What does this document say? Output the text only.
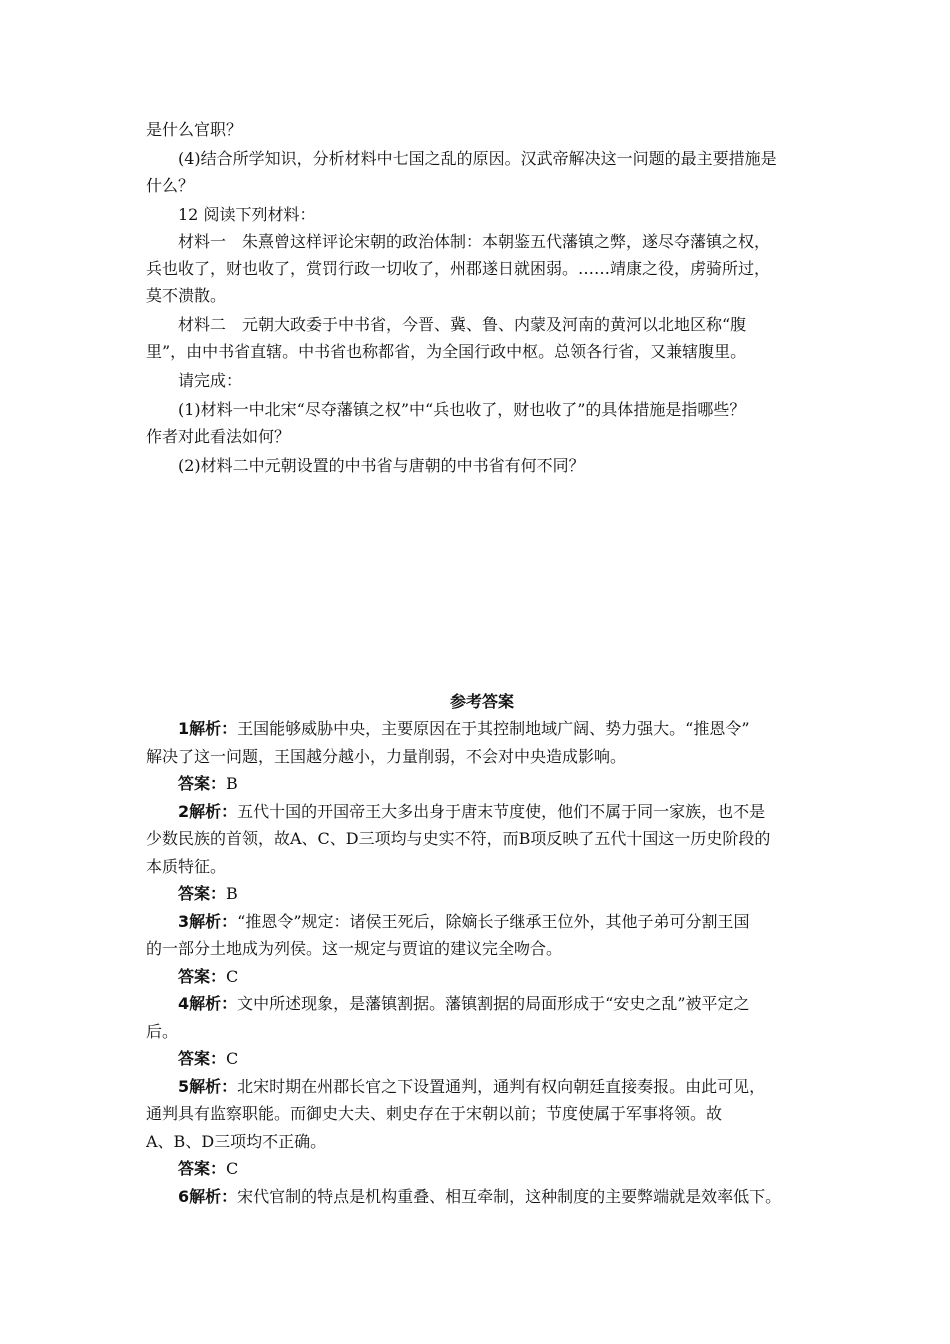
是什么官职？
(4)结合所学知识，分析材料中七国之乱的原因。汉武帝解决这一问题的最主要措施是
什么？
12 阅读下列材料：
材料一　朱熹曾这样评论宋朝的政治体制：本朝鉴五代藩镇之弊，遂尽夺藩镇之权，
兵也收了，财也收了，赏罚行政一切收了，州郡遂日就困弱。……靖康之役，虏骑所过，
莫不溃散。
材料二　元朝大政委于中书省，今晋、冀、鲁、内蒙及河南的黄河以北地区称“腹
里”，由中书省直辖。中书省也称都省，为全国行政中枢。总领各行省，又兼辖腹里。
请完成：
(1)材料一中北宋“尽夺藩镇之权”中“兵也收了，财也收了”的具体措施是指哪些？
作者对此看法如何？
(2)材料二中元朝设置的中书省与唐朝的中书省有何不同？
参考答案
1解析：王国能够威胁中央，主要原因在于其控制地域广阔、势力强大。“推恩令”
解决了这一问题，王国越分越小，力量削弱，不会对中央造成影响。
答案：B
2解析：五代十国的开国帝王大多出身于唐末节度使，他们不属于同一家族，也不是
少数民族的首领，故A、C、D三项均与史实不符，而B项反映了五代十国这一历史阶段的
本质特征。
答案：B
3解析：“推恩令”规定：诸侯王死后，除嫡长子继承王位外，其他子弟可分割王国
的一部分土地成为列侯。这一规定与贾谊的建议完全吻合。
答案：C
4解析：文中所述现象，是藩镇割据。藩镇割据的局面形成于“安史之乱”被平定之
后。
答案：C
5解析：北宋时期在州郡长官之下设置通判，通判有权向朝廷直接奏报。由此可见，
通判具有监察职能。而御史大夫、刺史存在于宋朝以前；节度使属于军事将领。故
A、B、D三项均不正确。
答案：C
6解析：宋代官制的特点是机构重叠、相互牵制，这种制度的主要弊端就是效率低下。
